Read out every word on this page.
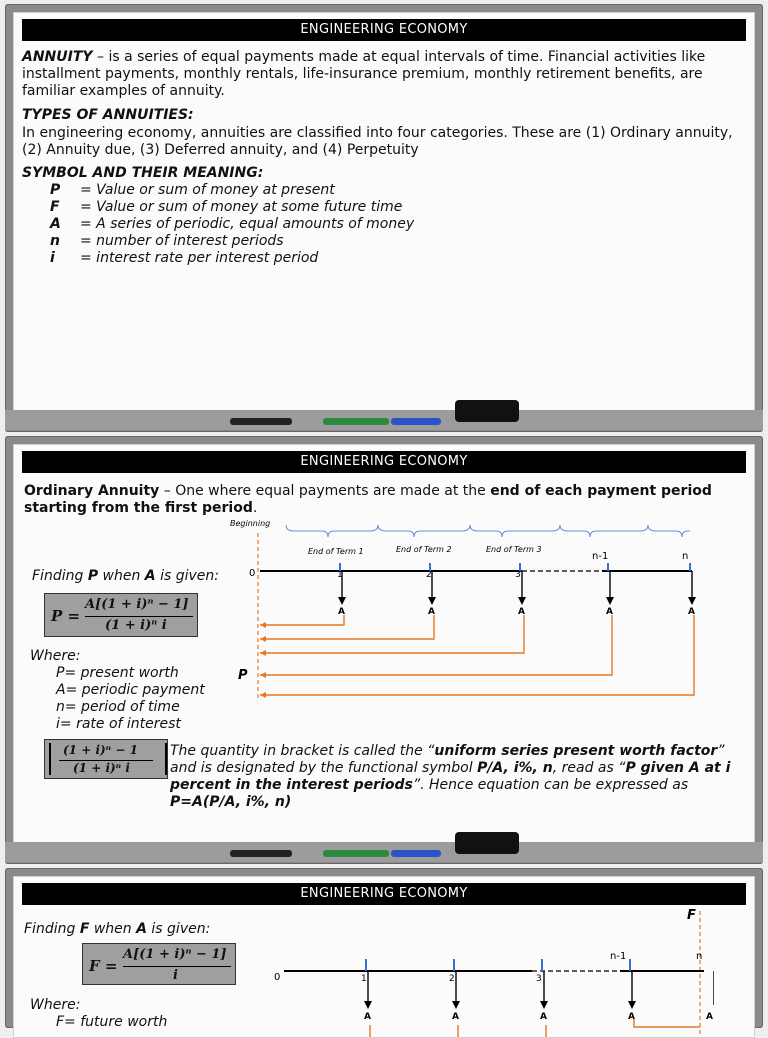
ENGINEERING ECONOMY
ANNUITY – is a series of equal payments made at equal intervals of time. Financial activities like installment payments, monthly rentals, life-insurance premium, monthly retirement benefits, are familiar examples of annuity.
TYPES OF ANNUITIES:
In engineering economy, annuities are classified into four categories. These are (1) Ordinary annuity, (2) Annuity due, (3) Deferred annuity, and (4) Perpetuity
SYMBOL AND THEIR MEANING:
P	= Value or sum of money at present
F	= Value or sum of money at some future time
A	= A series of periodic, equal amounts of money
n	= number of interest periods
i	= interest rate per interest period
ENGINEERING ECONOMY
Ordinary Annuity – One where equal payments are made at the end of each payment period starting from the first period.
Finding P when A is given:
P =
A[(1 + i)ⁿ − 1]
(1 + i)ⁿ i
Where:
P= present worth
A= periodic payment
n= period of time
i= rate of interest
(1 + i)ⁿ − 1
(1 + i)ⁿ i
The quantity in bracket is called the “uniform series present worth factor” and is designated by the functional symbol P/A, i%, n, read as “P given A at i percent in the interest periods”. Hence equation can be expressed as P=A(P/A, i%, n)
Beginning
End of Term 1	End of Term 2	End of Term 3
n-1	n
0	1	2	3
A	A	A	A	A
P
ENGINEERING ECONOMY
Finding F when A is given:
F =
A[(1 + i)ⁿ − 1]
i
Where:
F= future worth
F
n-1	n
0	1	2	3
A	A	A	A	A
